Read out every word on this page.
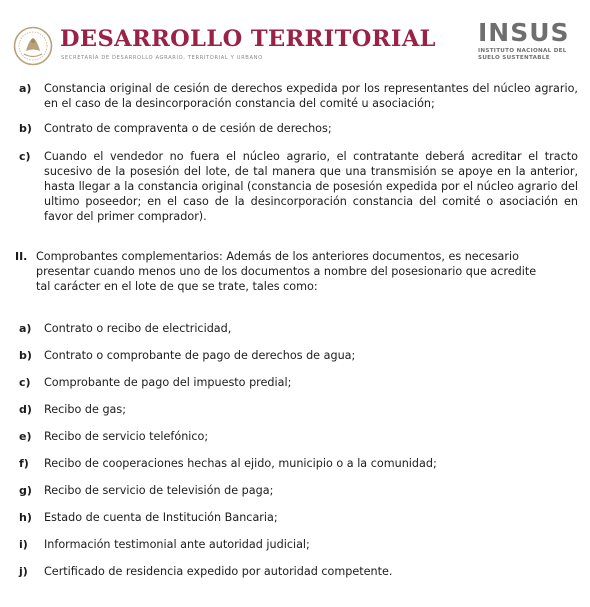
DESARROLLO TERRITORIAL
SECRETARÍA DE DESARROLLO AGRARIO, TERRITORIAL Y URBANO
INSUS
INSTITUTO NACIONAL DEL
SUELO SUSTENTABLE
a) Constancia original de cesión de derechos expedida por los representantes del núcleo agrario, en el caso de la desincorporación constancia del comité u asociación;
b) Contrato de compraventa o de cesión de derechos;
c) Cuando el vendedor no fuera el núcleo agrario, el contratante deberá acreditar el tracto sucesivo de la posesión del lote, de tal manera que una transmisión se apoye en la anterior, hasta llegar a la constancia original (constancia de posesión expedida por el núcleo agrario del ultimo poseedor; en el caso de la desincorporación constancia del comité o asociación en favor del primer comprador).
II. Comprobantes complementarios: Además de los anteriores documentos, es necesario
presentar cuando menos uno de los documentos a nombre del posesionario que acredite
tal carácter en el lote de que se trate, tales como:
a) Contrato o recibo de electricidad,
b) Contrato o comprobante de pago de derechos de agua;
c) Comprobante de pago del impuesto predial;
d) Recibo de gas;
e) Recibo de servicio telefónico;
f) Recibo de cooperaciones hechas al ejido, municipio o a la comunidad;
g) Recibo de servicio de televisión de paga;
h) Estado de cuenta de Institución Bancaria;
i) Información testimonial ante autoridad judicial;
j) Certificado de residencia expedido por autoridad competente.
